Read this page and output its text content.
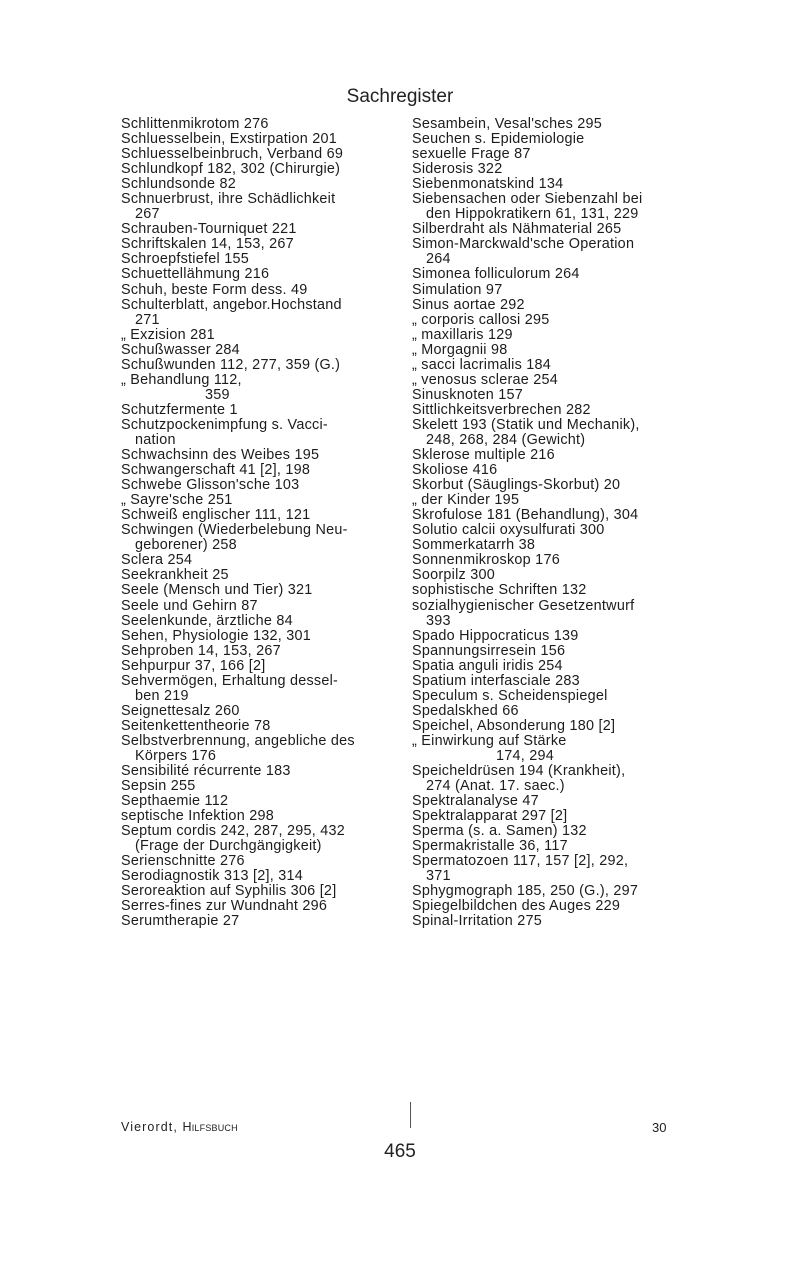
Sachregister
Schlittenmikrotom 276
Schluesselbein, Exstirpation 201
Schluesselbeinbruch, Verband 69
Schlundkopf 182, 302 (Chirurgie)
Schlundsonde 82
Schnuerbrust, ihre Schädlichkeit
267
Schrauben-Tourniquet 221
Schriftskalen 14, 153, 267
Schroepfstiefel 155
Schuettellähmung 216
Schuh, beste Form dess. 49
Schulterblatt, angebor.Hochstand
271
„ Exzision 281
Schußwasser 284
Schußwunden 112, 277, 359 (G.)
„ Behandlung 112,
359
Schutzfermente 1
Schutzpockenimpfung s. Vacci-
nation
Schwachsinn des Weibes 195
Schwangerschaft 41 [2], 198
Schwebe Glisson'sche 103
„ Sayre'sche 251
Schweiß englischer 111, 121
Schwingen (Wiederbelebung Neu-
geborener) 258
Sclera 254
Seekrankheit 25
Seele (Mensch und Tier) 321
Seele und Gehirn 87
Seelenkunde, ärztliche 84
Sehen, Physiologie 132, 301
Sehproben 14, 153, 267
Sehpurpur 37, 166 [2]
Sehvermögen, Erhaltung dessel-
ben 219
Seignettesalz 260
Seitenkettentheorie 78
Selbstverbrennung, angebliche des
Körpers 176
Sensibilité récurrente 183
Sepsin 255
Septhaemie 112
septische Infektion 298
Septum cordis 242, 287, 295, 432
(Frage der Durchgängigkeit)
Serienschnitte 276
Serodiagnostik 313 [2], 314
Seroreaktion auf Syphilis 306 [2]
Serres-fines zur Wundnaht 296
Serumtherapie 27
Sesambein, Vesal'sches 295
Seuchen s. Epidemiologie
sexuelle Frage 87
Siderosis 322
Siebenmonatskind 134
Siebensachen oder Siebenzahl bei
den Hippokratikern 61, 131, 229
Silberdraht als Nähmaterial 265
Simon-Marckwald'sche Operation
264
Simonea folliculorum 264
Simulation 97
Sinus aortae 292
„ corporis callosi 295
„ maxillaris 129
„ Morgagnii 98
„ sacci lacrimalis 184
„ venosus sclerae 254
Sinusknoten 157
Sittlichkeitsverbrechen 282
Skelett 193 (Statik und Mechanik),
248, 268, 284 (Gewicht)
Sklerose multiple 216
Skoliose 416
Skorbut (Säuglings-Skorbut) 20
„ der Kinder 195
Skrofulose 181 (Behandlung), 304
Solutio calcii oxysulfurati 300
Sommerkatarrh 38
Sonnenmikroskop 176
Soorpilz 300
sophistische Schriften 132
sozialhygienischer Gesetzentwurf
393
Spado Hippocraticus 139
Spannungsirresein 156
Spatia anguli iridis 254
Spatium interfasciale 283
Speculum s. Scheidenspiegel
Spedalskhed 66
Speichel, Absonderung 180 [2]
„ Einwirkung auf Stärke
174, 294
Speicheldrüsen 194 (Krankheit),
274 (Anat. 17. saec.)
Spektralanalyse 47
Spektralapparat 297 [2]
Sperma (s. a. Samen) 132
Spermakristalle 36, 117
Spermatozoen 117, 157 [2], 292,
371
Sphygmograph 185, 250 (G.), 297
Spiegelbildchen des Auges 229
Spinal-Irritation 275
Vierordt, Hilfsbuch	30
465
